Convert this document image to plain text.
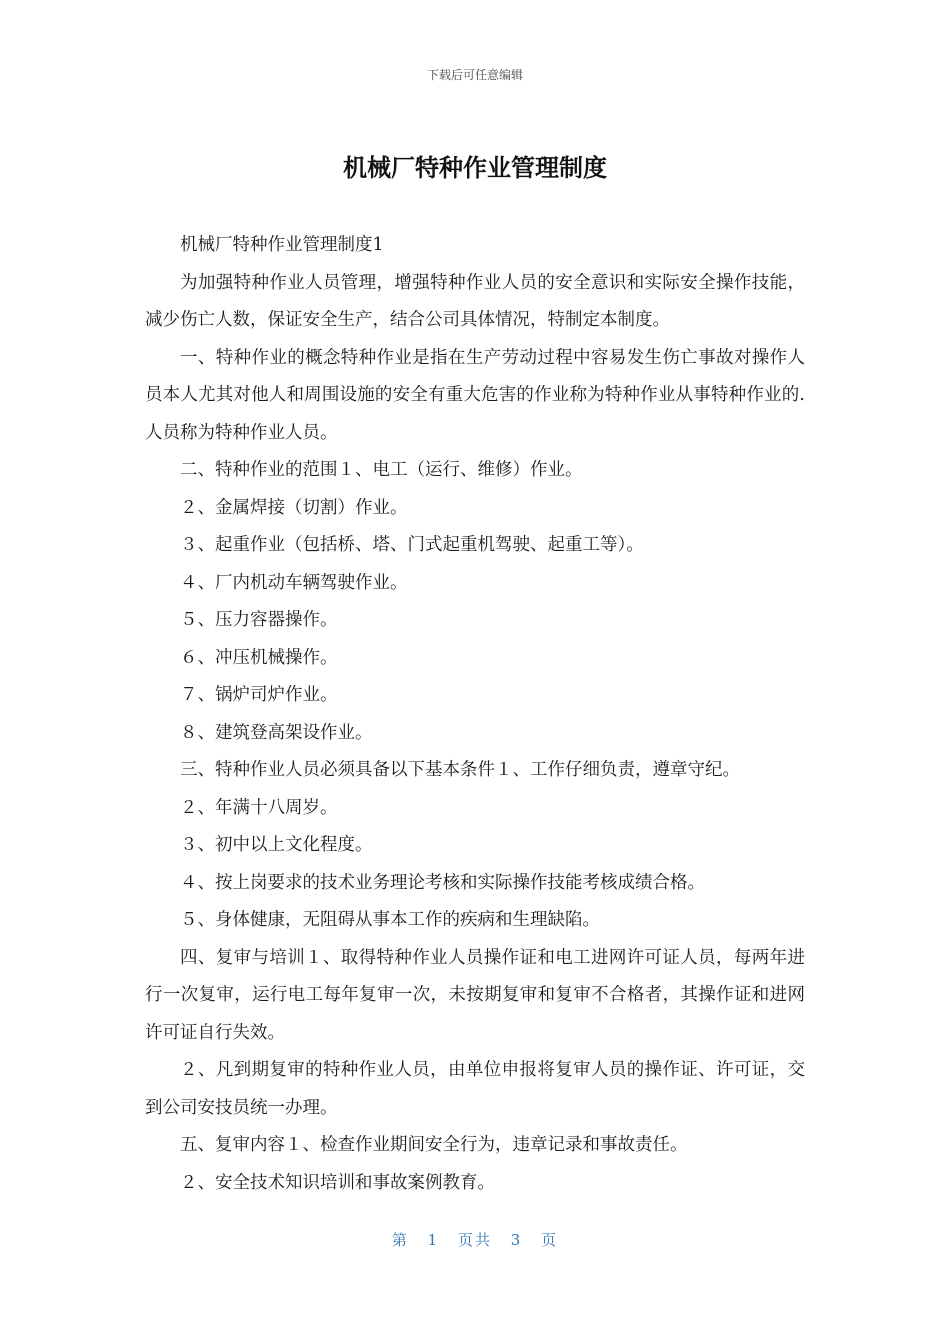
下载后可任意编辑
机械厂特种作业管理制度

机械厂特种作业管理制度1

为加强特种作业人员管理，增强特种作业人员的安全意识和实际安全操作技能，减少伤亡人数，保证安全生产，结合公司具体情况，特制定本制度。

一、特种作业的概念特种作业是指在生产劳动过程中容易发生伤亡事故对操作人员本人尤其对他人和周围设施的安全有重大危害的作业称为特种作业从事特种作业的.人员称为特种作业人员。

二、特种作业的范围１、电工（运行、维修）作业。

２、金属焊接（切割）作业。

３、起重作业（包括桥、塔、门式起重机驾驶、起重工等）。

４、厂内机动车辆驾驶作业。

５、压力容器操作。

６、冲压机械操作。

７、锅炉司炉作业。

８、建筑登高架设作业。

三、特种作业人员必须具备以下基本条件１、工作仔细负责，遵章守纪。

２、年满十八周岁。

３、初中以上文化程度。

４、按上岗要求的技术业务理论考核和实际操作技能考核成绩合格。

５、身体健康，无阻碍从事本工作的疾病和生理缺陷。

四、复审与培训１、取得特种作业人员操作证和电工进网许可证人员，每两年进行一次复审，运行电工每年复审一次，未按期复审和复审不合格者，其操作证和进网许可证自行失效。

２、凡到期复审的特种作业人员，由单位申报将复审人员的操作证、许可证，交到公司安技员统一办理。

五、复审内容１、检查作业期间安全行为，违章记录和事故责任。

２、安全技术知识培训和事故案例教育。

第 1 页共 3 页
